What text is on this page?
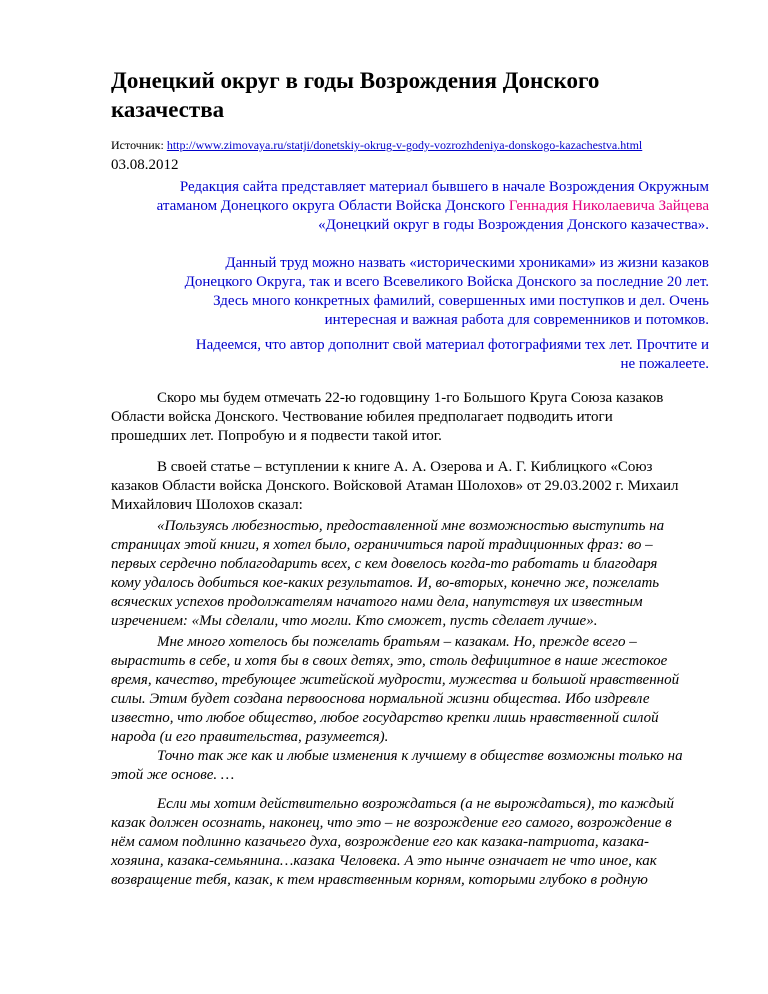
Донецкий округ в годы Возрождения Донского казачества
Источник: http://www.zimovaya.ru/statji/donetskiy-okrug-v-gody-vozrozhdeniya-donskogo-kazachestva.html
03.08.2012

Редакция сайта представляет материал бывшего в начале Возрождения Окружным
атаманом Донецкого округа Области Войска Донского Геннадия Николаевича Зайцева
«Донецкий округ в годы Возрождения Донского казачества».

Данный труд можно назвать «историческими хрониками» из жизни казаков
Донецкого Округа, так и всего Всевеликого Войска Донского за последние 20 лет.

Здесь много конкретных фамилий, совершенных ими поступков и дел. Очень
интересная и важная работа для современников и потомков.

Надеемся, что автор дополнит свой материал фотографиями тех лет. Прочтите и
не пожалеете.

Скоро мы будем отмечать 22-ю годовщину 1-го Большого Круга Союза казаков
Области войска Донского. Чествование юбилея предполагает подводить итоги
прошедших лет. Попробую и я подвести такой итог.

В своей статье – вступлении к книге А. А. Озерова и А. Г. Киблицкого «Союз
казаков Области войска Донского. Войсковой Атаман Шолохов» от 29.03.2002 г. Михаил
Михайлович Шолохов сказал:

«Пользуясь любезностью, предоставленной мне возможностью выступить на
страницах этой книги, я хотел было, ограничиться парой традиционных фраз: во –
первых сердечно поблагодарить всех, с кем довелось когда-то работать и благодаря
кому удалось добиться кое-каких результатов. И, во-вторых, конечно же, пожелать
всяческих успехов продолжателям начатого нами дела, напутствуя их известным
изречением: «Мы сделали, что могли. Кто сможет, пусть сделает лучше».

Мне много хотелось бы пожелать братьям – казакам. Но, прежде всего –
вырастить в себе, и хотя бы в своих детях, это, столь дефицитное в наше жестокое
время, качество, требующее житейской мудрости, мужества и большой нравственной
силы. Этим будет создана первооснова нормальной жизни общества. Ибо издревле
известно, что любое общество, любое государство крепки лишь нравственной силой
народа (и его правительства, разумеется).

Точно так же как и любые изменения к лучшему в обществе возможны только на
этой же основе. …

Если мы хотим действительно возрождаться (а не вырождаться), то каждый
казак должен осознать, наконец, что это – не возрождение его самого, возрождение в
нём самом подлинно казачьего духа, возрождение его как казака-патриота, казака-
хозяина, казака-семьянина…казака Человека. А это нынче означает не что иное, как
возвращение тебя, казак, к тем нравственным корням, которыми глубоко в родную
